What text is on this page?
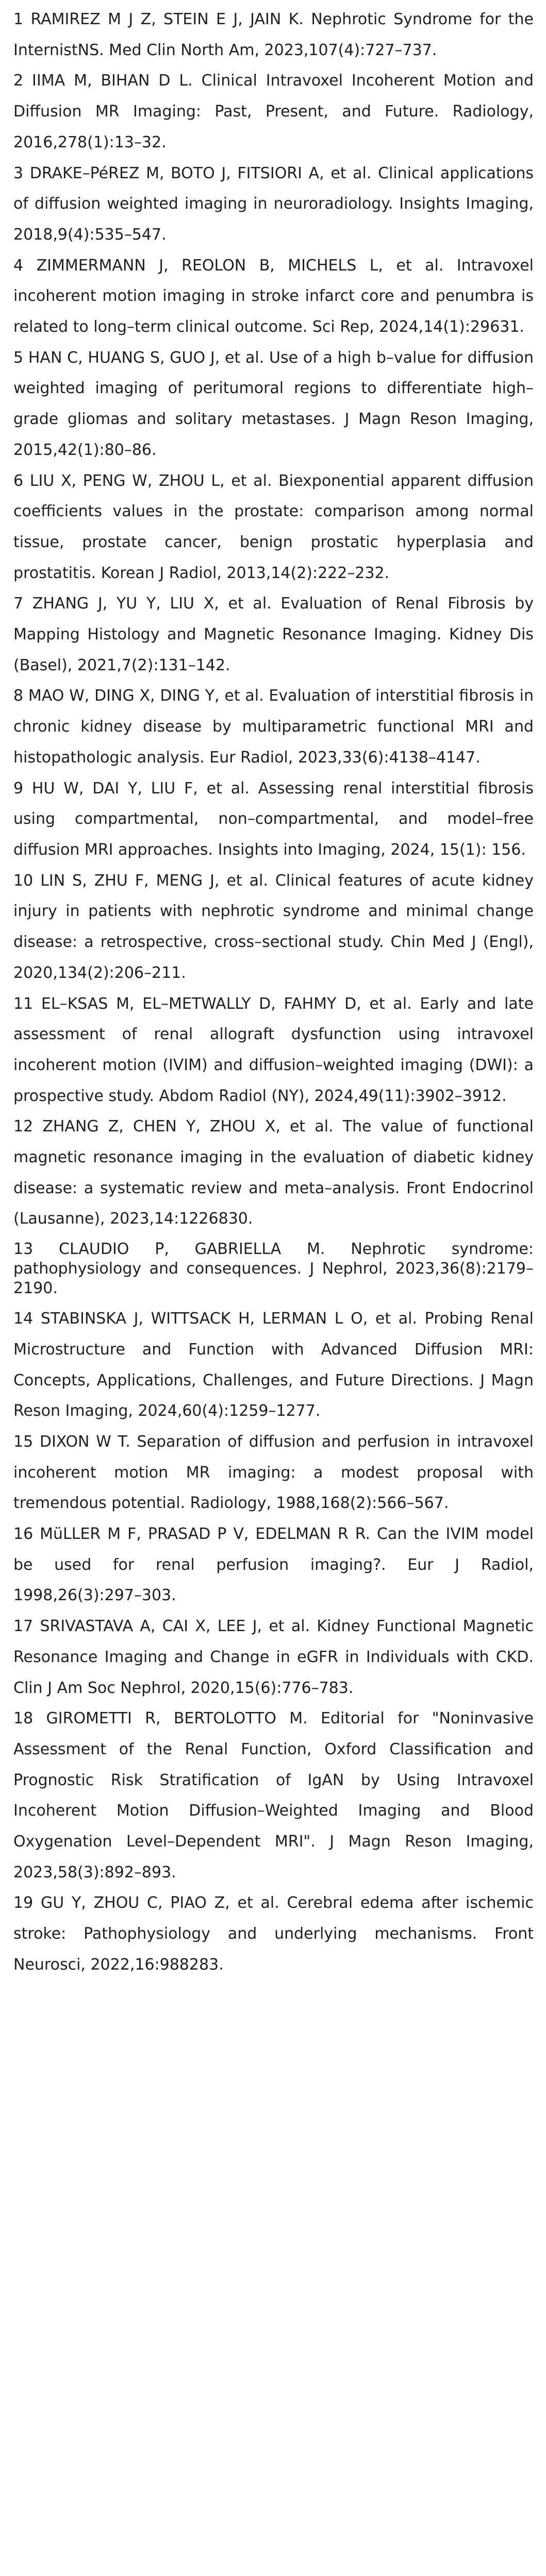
1 RAMIREZ M J Z, STEIN E J, JAIN K. Nephrotic Syndrome for the InternistNS. Med Clin North Am, 2023,107(4):727–737.
2 IIMA M, BIHAN D L. Clinical Intravoxel Incoherent Motion and Diffusion MR Imaging: Past, Present, and Future. Radiology, 2016,278(1):13–32.
3 DRAKE–PéREZ M, BOTO J, FITSIORI A, et al. Clinical applications of diffusion weighted imaging in neuroradiology. Insights Imaging, 2018,9(4):535–547.
4 ZIMMERMANN J, REOLON B, MICHELS L, et al. Intravoxel incoherent motion imaging in stroke infarct core and penumbra is related to long–term clinical outcome. Sci Rep, 2024,14(1):29631.
5 HAN C, HUANG S, GUO J, et al. Use of a high b–value for diffusion weighted imaging of peritumoral regions to differentiate high–grade gliomas and solitary metastases. J Magn Reson Imaging, 2015,42(1):80–86.
6 LIU X, PENG W, ZHOU L, et al. Biexponential apparent diffusion coefficients values in the prostate: comparison among normal tissue, prostate cancer, benign prostatic hyperplasia and prostatitis. Korean J Radiol, 2013,14(2):222–232.
7 ZHANG J, YU Y, LIU X, et al. Evaluation of Renal Fibrosis by Mapping Histology and Magnetic Resonance Imaging. Kidney Dis (Basel), 2021,7(2):131–142.
8 MAO W, DING X, DING Y, et al. Evaluation of interstitial fibrosis in chronic kidney disease by multiparametric functional MRI and histopathologic analysis. Eur Radiol, 2023,33(6):4138–4147.
9 HU W, DAI Y, LIU F, et al. Assessing renal interstitial fibrosis using compartmental, non–compartmental, and model–free diffusion MRI approaches. Insights into Imaging, 2024, 15(1): 156.
10 LIN S, ZHU F, MENG J, et al. Clinical features of acute kidney injury in patients with nephrotic syndrome and minimal change disease: a retrospective, cross–sectional study. Chin Med J (Engl), 2020,134(2):206–211.
11 EL–KSAS M, EL–METWALLY D, FAHMY D, et al. Early and late assessment of renal allograft dysfunction using intravoxel incoherent motion (IVIM) and diffusion–weighted imaging (DWI): a prospective study. Abdom Radiol (NY), 2024,49(11):3902–3912.
12 ZHANG Z, CHEN Y, ZHOU X, et al. The value of functional magnetic resonance imaging in the evaluation of diabetic kidney disease: a systematic review and meta–analysis. Front Endocrinol (Lausanne), 2023,14:1226830.
13 CLAUDIO P, GABRIELLA M. Nephrotic syndrome: pathophysiology and consequences. J Nephrol, 2023,36(8):2179–2190.
14 STABINSKA J, WITTSACK H, LERMAN L O, et al. Probing Renal Microstructure and Function with Advanced Diffusion MRI: Concepts, Applications, Challenges, and Future Directions. J Magn Reson Imaging, 2024,60(4):1259–1277.
15 DIXON W T. Separation of diffusion and perfusion in intravoxel incoherent motion MR imaging: a modest proposal with tremendous potential. Radiology, 1988,168(2):566–567.
16 MüLLER M F, PRASAD P V, EDELMAN R R. Can the IVIM model be used for renal perfusion imaging?. Eur J Radiol, 1998,26(3):297–303.
17 SRIVASTAVA A, CAI X, LEE J, et al. Kidney Functional Magnetic Resonance Imaging and Change in eGFR in Individuals with CKD. Clin J Am Soc Nephrol, 2020,15(6):776–783.
18 GIROMETTI R, BERTOLOTTO M. Editorial for "Noninvasive Assessment of the Renal Function, Oxford Classification and Prognostic Risk Stratification of IgAN by Using Intravoxel Incoherent Motion Diffusion–Weighted Imaging and Blood Oxygenation Level–Dependent MRI". J Magn Reson Imaging, 2023,58(3):892–893.
19 GU Y, ZHOU C, PIAO Z, et al. Cerebral edema after ischemic stroke: Pathophysiology and underlying mechanisms. Front Neurosci, 2022,16:988283.
